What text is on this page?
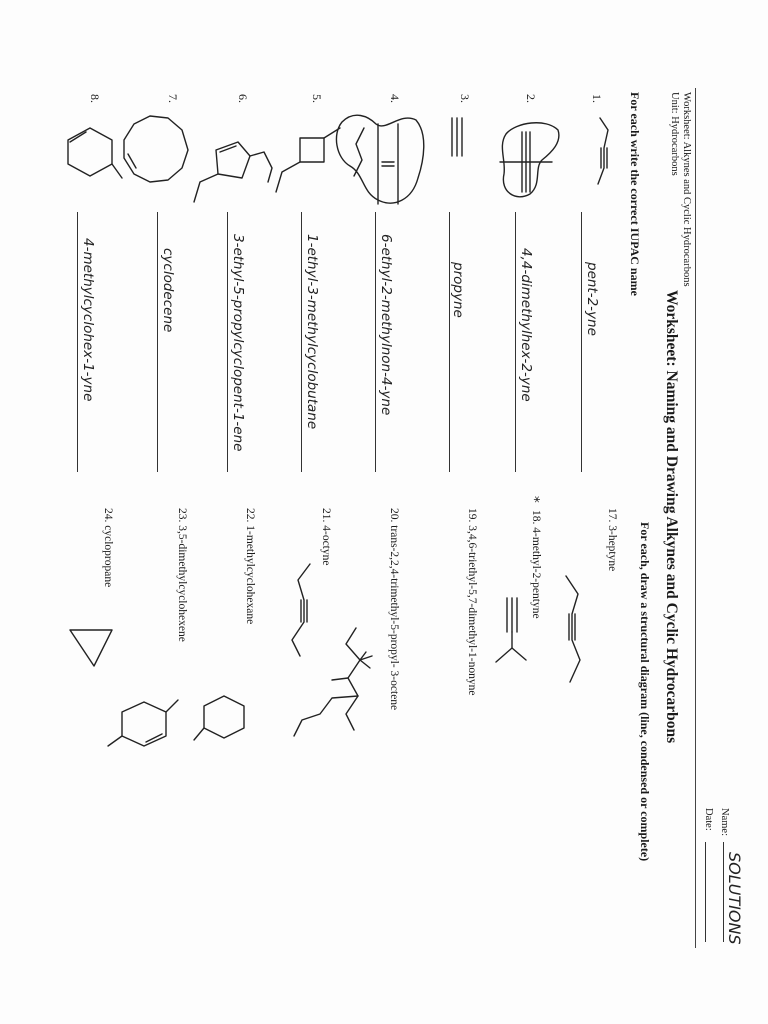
Unit: Hydrocarbons Worksheet: Alkynes and Cyclic Hydrocarbons
Worksheet: Naming and Drawing Alkynes and Cyclic Hydrocarbons
Name:
SOLUTIONS
Date:
For each write the correct IUPAC name
1.
pent-2-yne
2.
4,4-dimethylhex-2-yne
3.
propyne
4.
6-ethyl-2-methylnon-4-yne
5.
1-ethyl-3-methylcyclobutane
6.
3-ethyl-5-propylcyclopent-1-ene
7.
cyclodecene
8.
4-methylcyclohex-1-yne
For each, draw a structural diagram (line, condensed or complete)
17. 3-heptyne
*
18. 4-methyl-2-pentyne
19. 3,4,6-triethyl-5,7-dimethyl-1-nonyne
20. trans-2,2,4-trimethyl-5-propyl- 3-octene
21. 4-octyne
22. 1-methylcyclohexane
23. 3,5-dimethylcyclohexene
24. cyclopropane
